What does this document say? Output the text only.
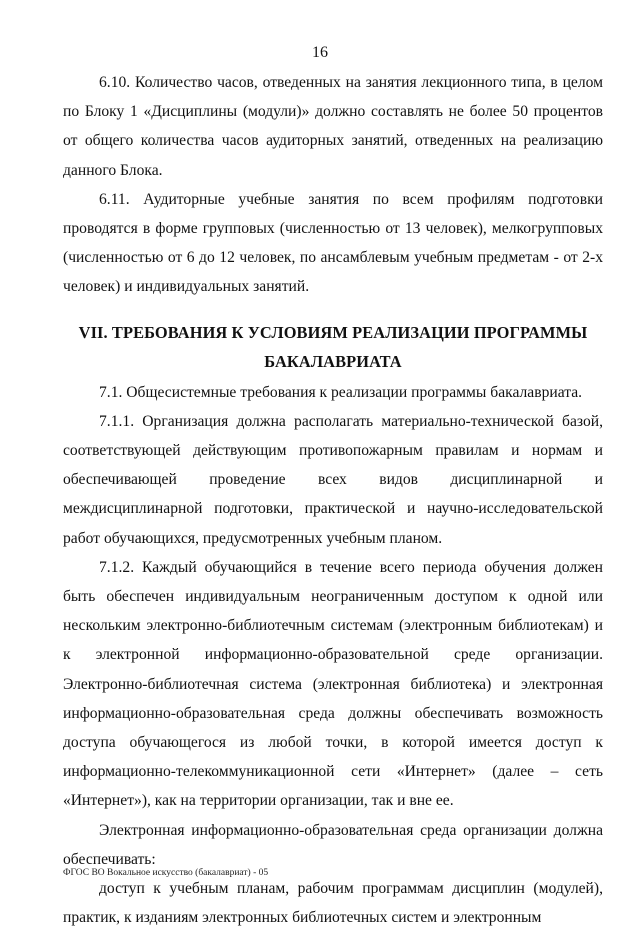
16

6.10. Количество часов, отведенных на занятия лекционного типа, в целом по Блоку 1 «Дисциплины (модули)» должно составлять не более 50 процентов от общего количества часов аудиторных занятий, отведенных на реализацию данного Блока.

6.11. Аудиторные учебные занятия по всем профилям подготовки проводятся в форме групповых (численностью от 13 человек), мелкогрупповых (численностью от 6 до 12 человек, по ансамблевым учебным предметам - от 2-х человек) и индивидуальных занятий.

VII. ТРЕБОВАНИЯ К УСЛОВИЯМ РЕАЛИЗАЦИИ ПРОГРАММЫ
БАКАЛАВРИАТА

7.1. Общесистемные требования к реализации программы бакалавриата.

7.1.1. Организация должна располагать материально-технической базой, соответствующей действующим противопожарным правилам и нормам и обеспечивающей проведение всех видов дисциплинарной и междисциплинарной подготовки, практической и научно-исследовательской работ обучающихся, предусмотренных учебным планом.

7.1.2. Каждый обучающийся в течение всего периода обучения должен быть обеспечен индивидуальным неограниченным доступом к одной или нескольким электронно-библиотечным системам (электронным библиотекам) и к электронной информационно-образовательной среде организации. Электронно-библиотечная система (электронная библиотека) и электронная информационно-образовательная среда должны обеспечивать возможность доступа обучающегося из любой точки, в которой имеется доступ к информационно-телекоммуникационной сети «Интернет» (далее – сеть «Интернет»), как на территории организации, так и вне ее.

Электронная информационно-образовательная среда организации должна обеспечивать:

доступ к учебным планам, рабочим программам дисциплин (модулей), практик, к изданиям электронных библиотечных систем и электронным

ФГОС ВО Вокальное искусство (бакалавриат) - 05
